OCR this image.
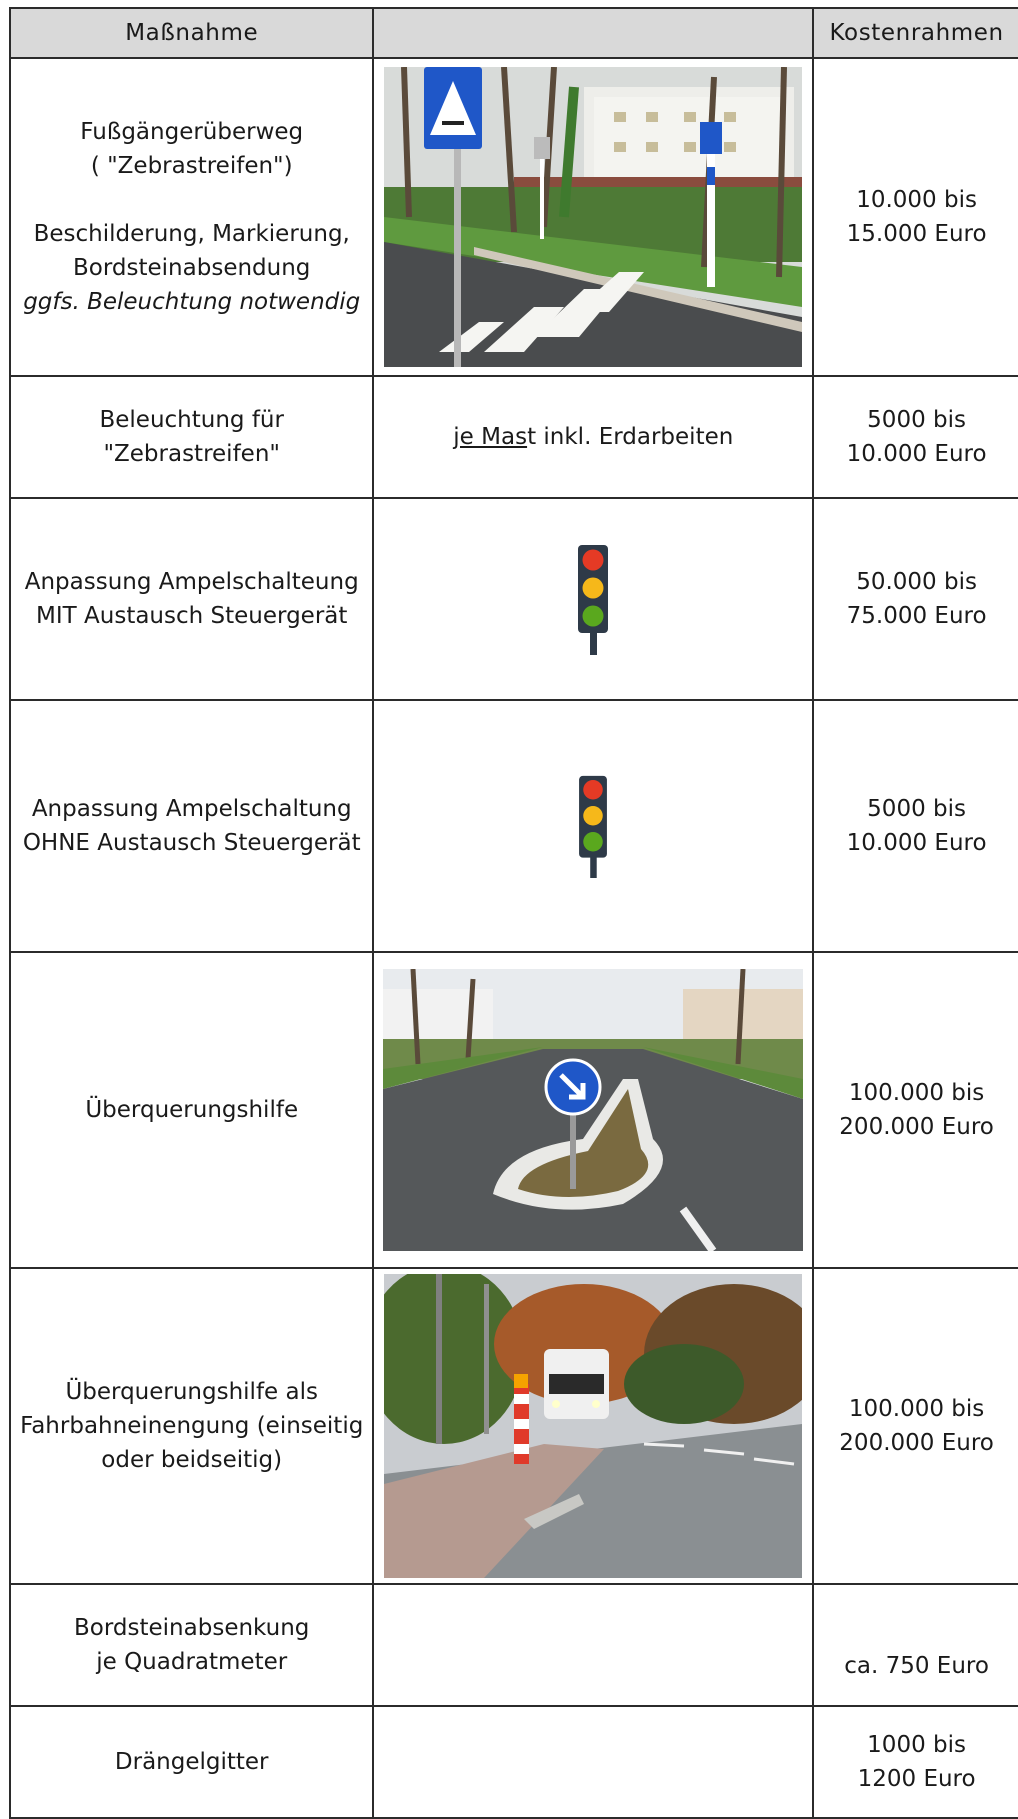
Maßnahme		Kostenrahmen

Fußgängerüberweg
( "Zebrastreifen")
Beschilderung, Markierung,
Bordsteinabsendung
ggfs. Beleuchtung notwendig		10.000 bis
15.000 Euro

Beleuchtung für
"Zebrastreifen"	je Mast inkl. Erdarbeiten	5000 bis
10.000 Euro

Anpassung Ampelschalteung
MIT Austausch Steuergerät		50.000 bis
75.000 Euro

Anpassung Ampelschaltung
OHNE Austausch Steuergerät		5000 bis
10.000 Euro

Überquerungshilfe		100.000 bis
200.000 Euro

Überquerungshilfe als
Fahrbahneinengung (einseitig
oder beidseitig)		100.000 bis
200.000 Euro

Bordsteinabsenkung
je Quadratmeter		ca. 750 Euro

Drängelgitter		1000 bis
1200 Euro
